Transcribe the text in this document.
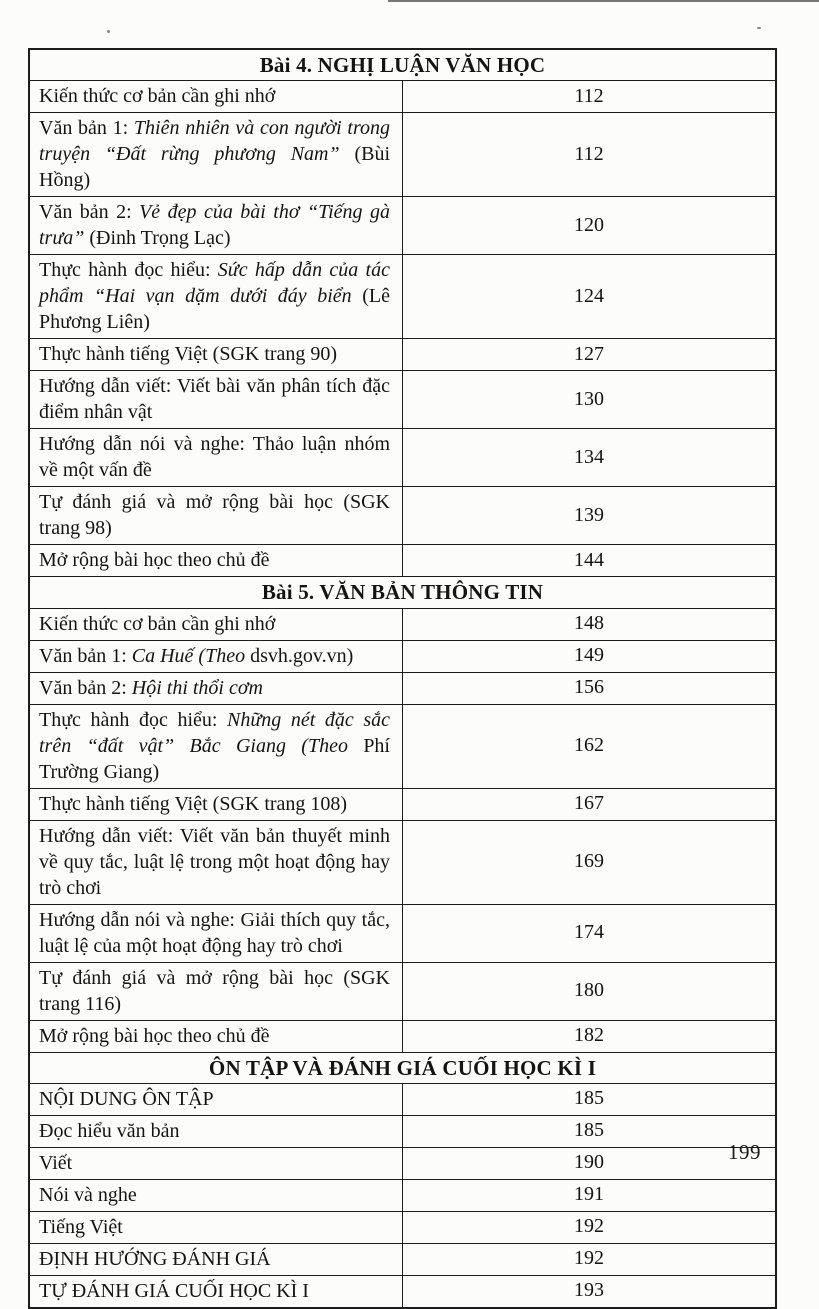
Bài 4. NGHỊ LUẬN VĂN HỌC	
Kiến thức cơ bản cần ghi nhớ	112
Văn bản 1: Thiên nhiên và con người trong truyện “Đất rừng phương Nam” (Bùi Hồng)	112
Văn bản 2: Vẻ đẹp của bài thơ “Tiếng gà trưa” (Đinh Trọng Lạc)	120
Thực hành đọc hiểu: Sức hấp dẫn của tác phẩm “Hai vạn dặm dưới đáy biển (Lê Phương Liên)	124
Thực hành tiếng Việt (SGK trang 90)	127
Hướng dẫn viết: Viết bài văn phân tích đặc điểm nhân vật	130
Hướng dẫn nói và nghe: Thảo luận nhóm về một vấn đề	134
Tự đánh giá và mở rộng bài học (SGK trang 98)	139
Mở rộng bài học theo chủ đề	144
Bài 5. VĂN BẢN THÔNG TIN	
Kiến thức cơ bản cần ghi nhớ	148
Văn bản 1: Ca Huế (Theo dsvh.gov.vn)	149
Văn bản 2: Hội thi thổi cơm	156
Thực hành đọc hiểu: Những nét đặc sắc trên “đất vật” Bắc Giang (Theo Phí Trường Giang)	162
Thực hành tiếng Việt (SGK trang 108)	167
Hướng dẫn viết: Viết văn bản thuyết minh về quy tắc, luật lệ trong một hoạt động hay trò chơi	169
Hướng dẫn nói và nghe: Giải thích quy tắc, luật lệ của một hoạt động hay trò chơi	174
Tự đánh giá và mở rộng bài học (SGK trang 116)	180
Mở rộng bài học theo chủ đề	182
ÔN TẬP VÀ ĐÁNH GIÁ CUỐI HỌC KÌ I	
NỘI DUNG ÔN TẬP	185
Đọc hiểu văn bản	185
Viết	190
Nói và nghe	191
Tiếng Việt	192
ĐỊNH HƯỚNG ĐÁNH GIÁ	192
TỰ ĐÁNH GIÁ CUỐI HỌC KÌ I	193
199
